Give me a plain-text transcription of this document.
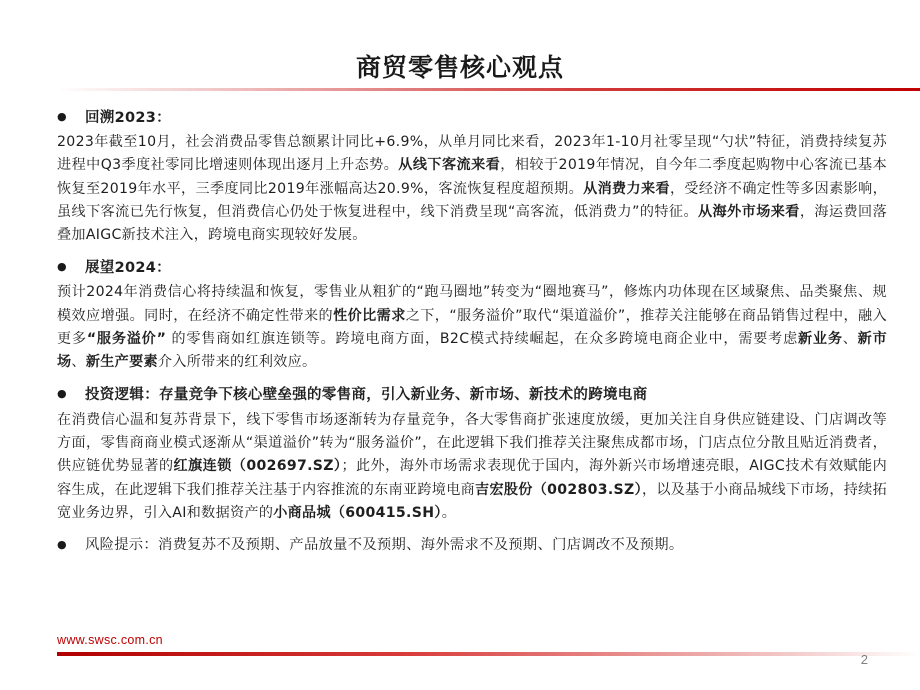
商贸零售核心观点
●	回溯2023：
2023年截至10月，社会消费品零售总额累计同比+6.9%，从单月同比来看，2023年1-10月社零呈现“勺状”特征，消费持续复苏进程中Q3季度社零同比增速则体现出逐月上升态势。从线下客流来看，相较于2019年情况，自今年二季度起购物中心客流已基本恢复至2019年水平，三季度同比2019年涨幅高达20.9%，客流恢复程度超预期。从消费力来看，受经济不确定性等多因素影响，虽线下客流已先行恢复，但消费信心仍处于恢复进程中，线下消费呈现“高客流，低消费力”的特征。从海外市场来看，海运费回落叠加AIGC新技术注入，跨境电商实现较好发展。
●	展望2024：
预计2024年消费信心将持续温和恢复，零售业从粗犷的“跑马圈地”转变为“圈地赛马”，修炼内功体现在区域聚焦、品类聚焦、规模效应增强。同时，在经济不确定性带来的性价比需求之下，“服务溢价”取代“渠道溢价”，推荐关注能够在商品销售过程中，融入更多“服务溢价” 的零售商如红旗连锁等。跨境电商方面，B2C模式持续崛起，在众多跨境电商企业中，需要考虑新业务、新市场、新生产要素介入所带来的红利效应。
●	投资逻辑：存量竞争下核心壁垒强的零售商，引入新业务、新市场、新技术的跨境电商
在消费信心温和复苏背景下，线下零售市场逐渐转为存量竞争，各大零售商扩张速度放缓，更加关注自身供应链建设、门店调改等方面，零售商商业模式逐渐从“渠道溢价”转为“服务溢价”，在此逻辑下我们推荐关注聚焦成都市场，门店点位分散且贴近消费者，供应链优势显著的红旗连锁（002697.SZ）；此外，海外市场需求表现优于国内，海外新兴市场增速亮眼，AIGC技术有效赋能内容生成，在此逻辑下我们推荐关注基于内容推流的东南亚跨境电商吉宏股份（002803.SZ），以及基于小商品城线下市场，持续拓宽业务边界，引入AI和数据资产的小商品城（600415.SH）。
●	风险提示：消费复苏不及预期、产品放量不及预期、海外需求不及预期、门店调改不及预期。
www.swsc.com.cn
2
